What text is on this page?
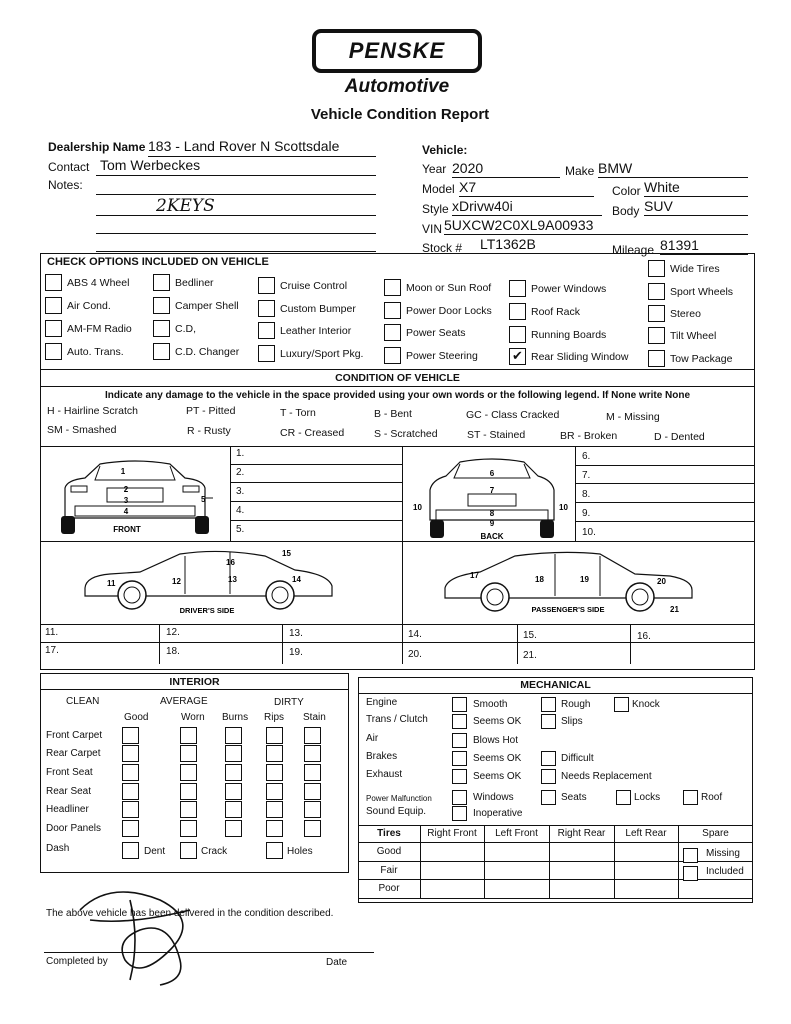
PENSKE
Automotive
Vehicle Condition Report
Dealership Name 183 - Land Rover N Scottsdale
Contact Tom Werbeckes
Notes:
2KEYS
Vehicle:
Year 2020	Make BMW
Model X7	Color White
Style xDrivw40i	Body SUV
VIN 5UXCW2C0XL9A00933
Stock #	LT1362B	Mileage 81391
CHECK OPTIONS INCLUDED ON VEHICLE
ABS 4 Wheel
Air Cond.
AM-FM Radio
Auto. Trans.
Bedliner
Camper Shell
C.D,
C.D. Changer
Cruise Control
Custom Bumper
Leather Interior
Luxury/Sport Pkg.
Moon or Sun Roof
Power Door Locks
Power Seats
Power Steering
Power Windows
Roof Rack
Running Boards
✔ Rear Sliding Window
Wide Tires
Sport Wheels
Stereo
Tilt Wheel
Tow Package
CONDITION OF VEHICLE
Indicate any damage to the vehicle in the space provided using your own words or the following legend. If None write None
H - Hairline Scratch	PT - Pitted	T - Torn	B - Bent	GC - Class Cracked	M - Missing
SM - Smashed	R - Rusty	CR - Creased	S - Scratched	ST - Stained	BR - Broken	D - Dented
1.
2.
3.
4.
5.
6.
7.
8.
9.
10.
11.	12.	13.	14.	15.	16.
17.	18.	19.	20.	21.
1
2
3
4
5
FRONT
6
7
8
9
10	10
BACK
11	12	13	14
15
16
DRIVER'S SIDE
17	18	19	20
21
PASSENGER'S SIDE
INTERIOR
CLEAN	AVERAGE	DIRTY
Good	Worn Burns Rips Stain
Front Carpet
Rear Carpet
Front Seat
Rear Seat
Headliner
Door Panels
Dash	Dent	Crack	Holes
MECHANICAL
Engine	Smooth	Rough	Knock
Trans / Clutch	Seems OK	Slips
Air	Blows Hot
Brakes	Seems OK	Difficult
Exhaust	Seems OK	Needs Replacement
Power Malfunction	Windows	Seats	Locks	Roof
Sound Equip.	Inoperative
Tires	Right Front	Left Front	Right Rear	Left Rear	Spare
Good
Fair
Poor
Missing
Included
The above vehicle has been delivered in the condition described.
Completed by	Date
